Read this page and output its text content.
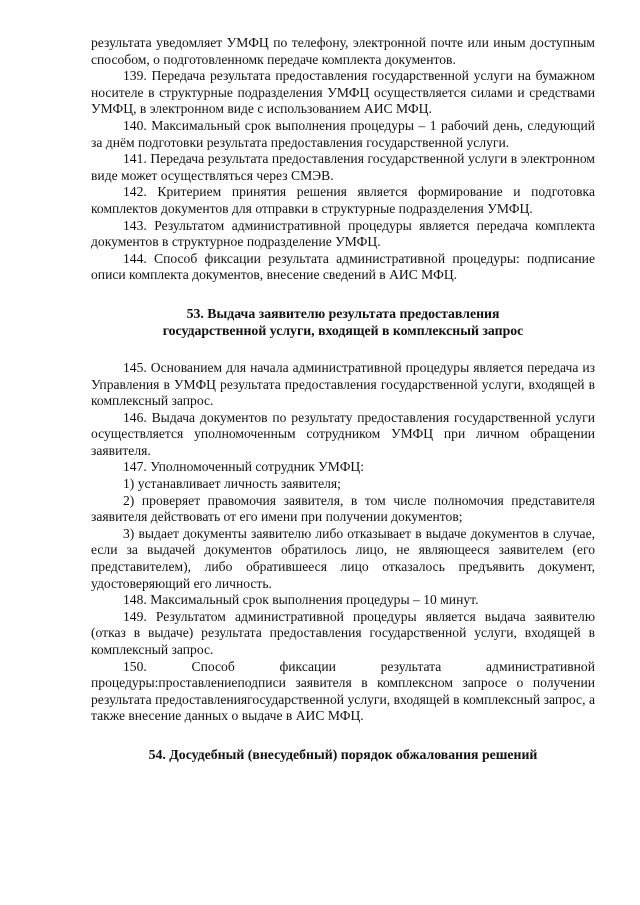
результата уведомляет УМФЦ по телефону, электронной почте или иным доступным способом, о подготовленномк передаче комплекта документов.

139. Передача результата предоставления государственной услуги на бумажном носителе в структурные подразделения УМФЦ осуществляется силами и средствами УМФЦ, в электронном виде с использованием АИС МФЦ.

140. Максимальный срок выполнения процедуры – 1 рабочий день, следующий за днём подготовки результата предоставления государственной услуги.

141. Передача результата предоставления государственной услуги в электронном виде может осуществляться через СМЭВ.

142. Критерием принятия решения является формирование и подготовка комплектов документов для отправки в структурные подразделения УМФЦ.

143. Результатом административной процедуры является передача комплекта документов в структурное подразделение УМФЦ.

144. Способ фиксации результата административной процедуры: подписание описи комплекта документов, внесение сведений в АИС МФЦ.

53. Выдача заявителю результата предоставления
государственной услуги, входящей в комплексный запрос

145. Основанием для начала административной процедуры является передача из Управления в УМФЦ результата предоставления государственной услуги, входящей в комплексный запрос.

146. Выдача документов по результату предоставления государственной услуги осуществляется уполномоченным сотрудником УМФЦ при личном обращении заявителя.

147. Уполномоченный сотрудник УМФЦ:

1) устанавливает личность заявителя;

2) проверяет правомочия заявителя, в том числе полномочия представителя заявителя действовать от его имени при получении документов;

3) выдает документы заявителю либо отказывает в выдаче документов в случае, если за выдачей документов обратилось лицо, не являющееся заявителем (его представителем), либо обратившееся лицо отказалось предъявить документ, удостоверяющий его личность.

148. Максимальный срок выполнения процедуры – 10 минут.

149. Результатом административной процедуры является выдача заявителю (отказ в выдаче) результата предоставления государственной услуги, входящей в комплексный запрос.

150. Способ фиксации результата административной процедуры:проставлениеподписи заявителя в комплексном запросе о получении результата предоставлениягосударственной услуги, входящей в комплексный запрос, а также внесение данных о выдаче в АИС МФЦ.

54. Досудебный (внесудебный) порядок обжалования решений
